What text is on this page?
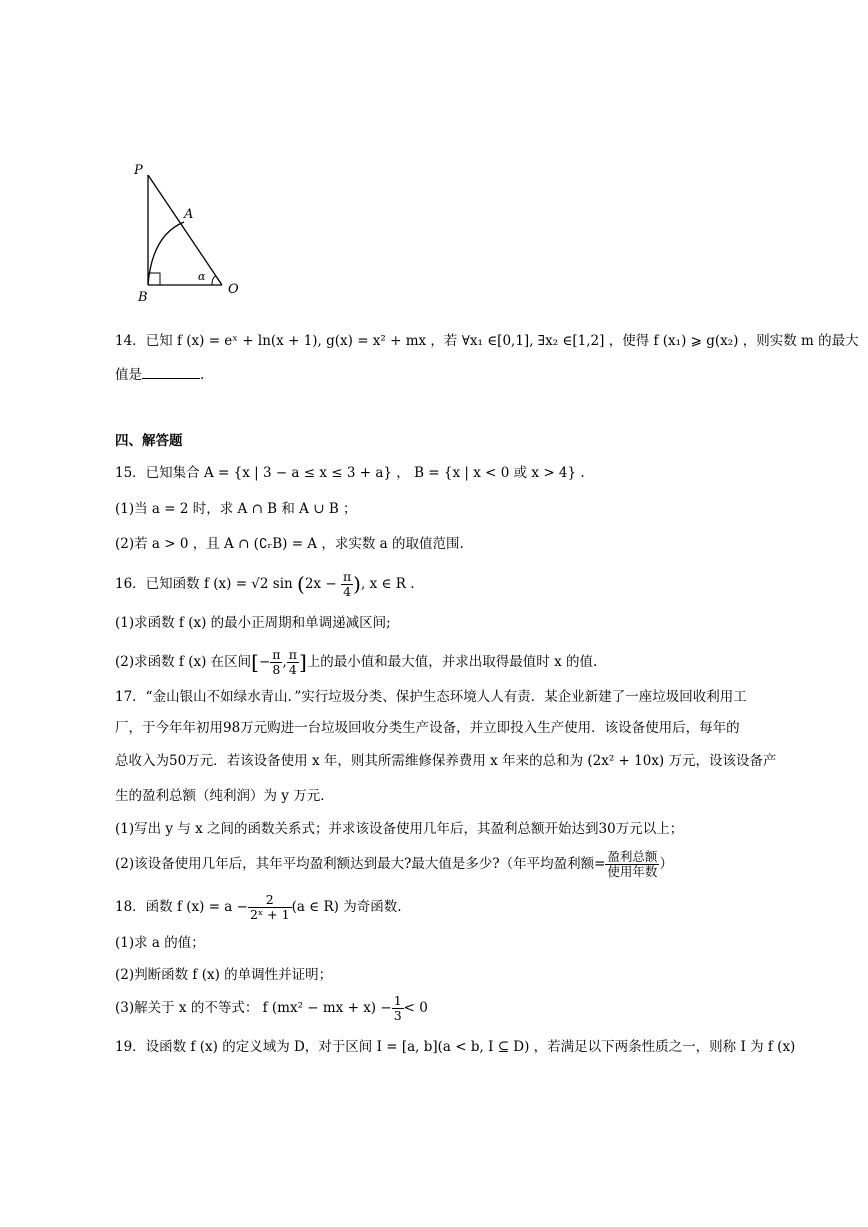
P
A
B
O
α
14．已知 f (x) = eˣ + ln(x + 1), g(x) = x² + mx ，若 ∀x₁ ∈[0,1], ∃x₂ ∈[1,2] ，使得 f (x₁) ⩾ g(x₂) ，则实数 m 的最大
值是	.
四、解答题
15．已知集合 A = {x | 3 − a ≤ x ≤ 3 + a} ， B = {x | x < 0 或 x > 4} .
(1)当 a = 2 时，求 A ∩ B 和 A ∪ B ；
(2)若 a > 0 ，且 A ∩ (∁ᵣB) = A ，求实数 a 的取值范围.
16．已知函数 f (x) = √2 $\sin (2x - \frac{\pi}{4}$ ), x ∈ R .
(1)求函数 f (x) 的最小正周期和单调递减区间;
(2)求函数 f (x) 在区间[− $\frac{\pi}{8}$ , $\frac{\pi}{4}$ ]上的最小值和最大值，并求出取得最值时 x 的值.
17．“金山银山不如绿水青山．”实行垃圾分类、保护生态环境人人有责．某企业新建了一座垃圾回收利用工
厂，于今年年初用98万元购进一台垃圾回收分类生产设备，并立即投入生产使用．该设备使用后，每年的
总收入为50万元．若该设备使用 x 年，则其所需维修保养费用 x 年来的总和为 (2x² + 10x) 万元，设该设备产
生的盈利总额（纯利润）为 y 万元．
(1)写出 y 与 x 之间的函数关系式；并求该设备使用几年后，其盈利总额开始达到30万元以上；
(2)该设备使用几年后，其年平均盈利额达到最大?最大值是多少?（年平均盈利额= $\frac{\text{盈利总额}}{\text{使用年数}}$ ）
18．函数 f $(x) = a - \frac{2}{\text{2ˣ + 1}} (a$ ∈ R) 为奇函数.
(1)求 a 的值；
(2)判断函数 f (x) 的单调性并证明；
(3)解关于 x 的不等式： f (mx² − mx + $x) - \frac{1}{3} < 0$
19．设函数 f (x) 的定义域为 D，对于区间 I = [a, b](a < b, I ⊆ D) ，若满足以下两条性质之一，则称 I 为 f (x)
